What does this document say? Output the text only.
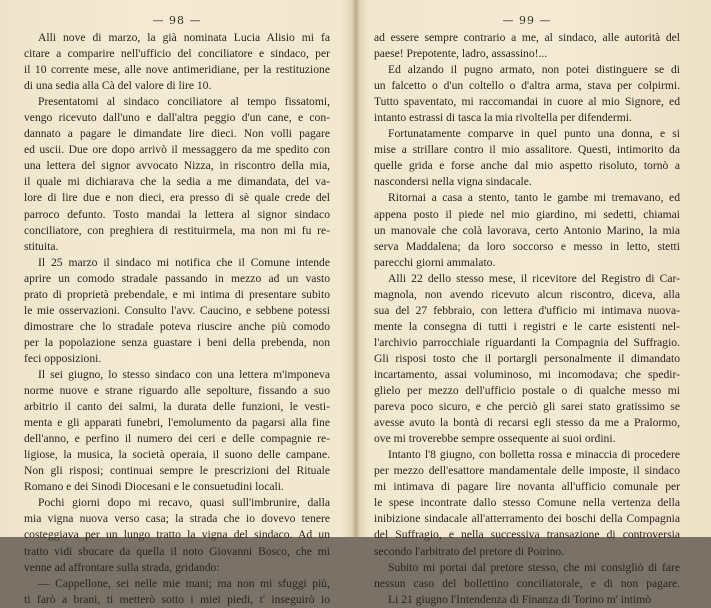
— 98 —
Alli nove di marzo, la già nominata Lucia Alisio mi fa
citare a comparire nell'ufficio del conciliatore e sindaco, per
il 10 corrente mese, alle nove antimeridiane, per la restituzione
di una sedia alla Cà del valore di lire 10.
Presentatomi al sindaco conciliatore al tempo fissatomi,
vengo ricevuto dall'uno e dall'altra peggio d'un cane, e con-
dannato a pagare le dimandate lire dieci. Non volli pagare
ed uscii. Due ore dopo arrivò il messaggero da me spedito con
una lettera del signor avvocato Nizza, in riscontro della mia,
il quale mi dichiarava che la sedia a me dimandata, del va-
lore di lire due e non dieci, era presso di sè quale crede del
parroco defunto. Tosto mandai la lettera al signor sindaco
conciliatore, con preghiera di restituirmela, ma non mi fu re-
stituita.
Il 25 marzo il sindaco mi notifica che il Comune intende
aprire un comodo stradale passando in mezzo ad un vasto
prato di proprietà prebendale, e mi intima di presentare subito
le mie osservazioni. Consulto l'avv. Caucino, e sebbene potessi
dimostrare che lo stradale poteva riuscire anche più comodo
per la popolazione senza guastare i beni della prebenda, non
feci opposizioni.
Il sei giugno, lo stesso sindaco con una lettera m'imponeva
norme nuove e strane riguardo alle sepolture, fissando a suo
arbitrio il canto dei salmi, la durata delle funzioni, le vesti-
menta e gli apparati funebri, l'emolumento da pagarsi alla fine
dell'anno, e perfino il numero dei ceri e delle compagnie re-
ligiose, la musica, la società operaia, il suono delle campane.
Non gli risposi; continuai sempre le prescrizioni del Rituale
Romano e dei Sinodi Diocesani e le consuetudini locali.
Pochi giorni dopo mi recavo, quasi sull'imbrunire, dalla
mia vigna nuova verso casa; la strada che io dovevo tenere
costeggiava per un lungo tratto la vigna del sindaco. Ad un
tratto vidi sbucare da quella il noto Giovanni Bosco, che mi
venne ad affrontare sulla strada, gridando:
— Cappellone, sei nelle mie mani; ma non mi sfuggi più,
ti farò a brani, ti metterò sotto i miei piedi, t' inseguirò io
— 99 —
ad essere sempre contrario a me, al sindaco, alle autorità del
paese! Prepotente, ladro, assassino!...
Ed alzando il pugno armato, non potei distinguere se di
un falcetto o d'un coltello o d'altra arma, stava per colpirmi.
Tutto spaventato, mi raccomandai in cuore al mio Signore, ed
intanto estrassi di tasca la mia rivoltella per difendermi.
Fortunatamente comparve in quel punto una donna, e si
mise a strillare contro il mio assalitore. Questi, intimorito da
quelle grida e forse anche dal mio aspetto risoluto, tornò a
nascondersi nella vigna sindacale.
Ritornai a casa a stento, tanto le gambe mi tremavano, ed
appena posto il piede nel mio giardino, mi sedetti, chiamai
un manovale che colà lavorava, certo Antonio Marino, la mia
serva Maddalena; da loro soccorso e messo in letto, stetti
parecchi giorni ammalato.
Alli 22 dello stesso mese, il ricevitore del Registro di Car-
magnola, non avendo ricevuto alcun riscontro, diceva, alla
sua del 27 febbraio, con lettera d'ufficio mi intimava nuova-
mente la consegna di tutti i registri e le carte esistenti nel-
l'archivio parrocchiale riguardanti la Compagnia del Suffragio.
Gli risposi tosto che il portargli personalmente il dimandato
incartamento, assai voluminoso, mi incomodava; che spedir-
glielo per mezzo dell'ufficio postale o di qualche messo mi
pareva poco sicuro, e che perciò gli sarei stato gratissimo se
avesse avuto la bontà di recarsi egli stesso da me a Pralormo,
ove mi troverebbe sempre ossequente ai suoi ordini.
Intanto l'8 giugno, con bolletta rossa e minaccia di procedere
per mezzo dell'esattore mandamentale delle imposte, il sindaco
mi intimava di pagare lire novanta all'ufficio comunale per
le spese incontrate dallo stesso Comune nella vertenza della
inibizione sindacale all'atterramento dei boschi della Compagnia
del Suffragio, e nella successiva transazione di controversia
secondo l'arbitrato del pretore di Poirino.
Subito mi portai dal pretore stesso, che mi consigliò di fare
nessun caso del bollettino conciliatorale, e di non pagare.
Li 21 giugno l'Intendenza di Finanza di Torino m' intimò
